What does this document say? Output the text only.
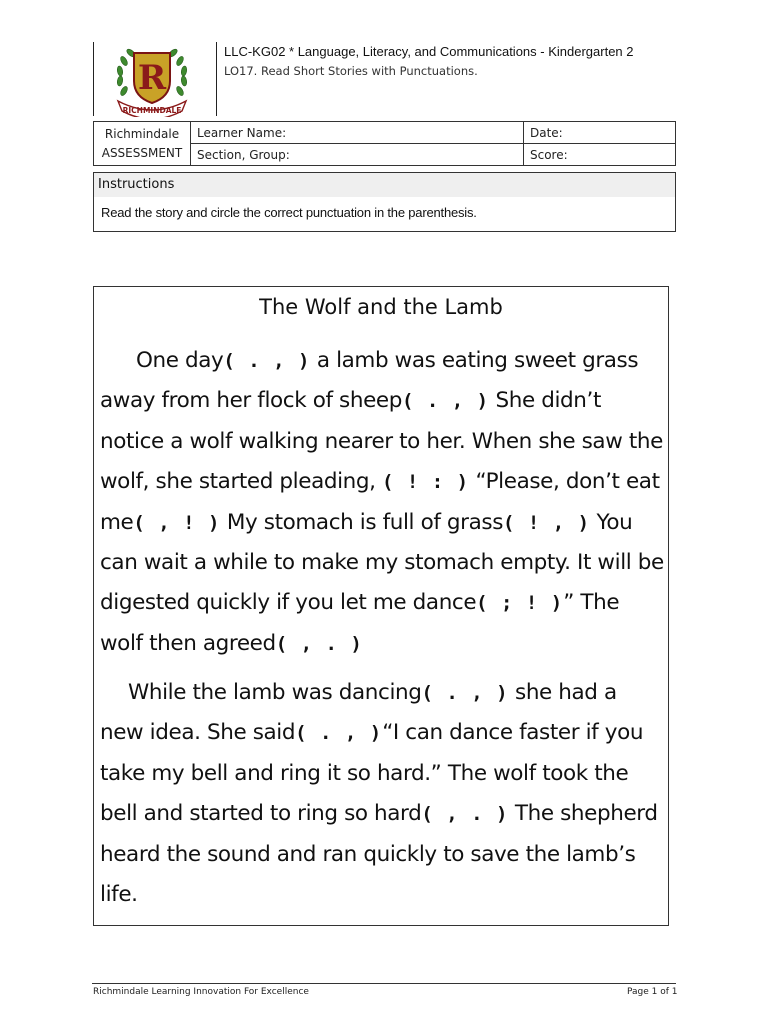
R
RICHMINDALE
LLC-KG02 * Language, Literacy, and Communications - Kindergarten 2
LO17. Read Short Stories with Punctuations.
Richmindale
ASSESSMENT	Learner Name:	Date:
	Section, Group:	Score:
Instructions
Read the story and circle the correct punctuation in the parenthesis.
The Wolf and the Lamb
One day( . , ) a lamb was eating sweet grass away from her flock of sheep( . , ) She didn’t notice a wolf walking nearer to her. When she saw the wolf, she started pleading, ( ! : ) “Please, don’t eat me( , ! ) My stomach is full of grass( ! , ) You can wait a while to make my stomach empty. It will be digested quickly if you let me dance( ; ! )” The wolf then agreed( , . )
While the lamb was dancing( . , ) she had a new idea. She said( . , )“I can dance faster if you take my bell and ring it so hard.” The wolf took the bell and started to ring so hard( , . ) The shepherd heard the sound and ran quickly to save the lamb’s life.
Richmindale Learning Innovation For Excellence	Page 1 of 1
